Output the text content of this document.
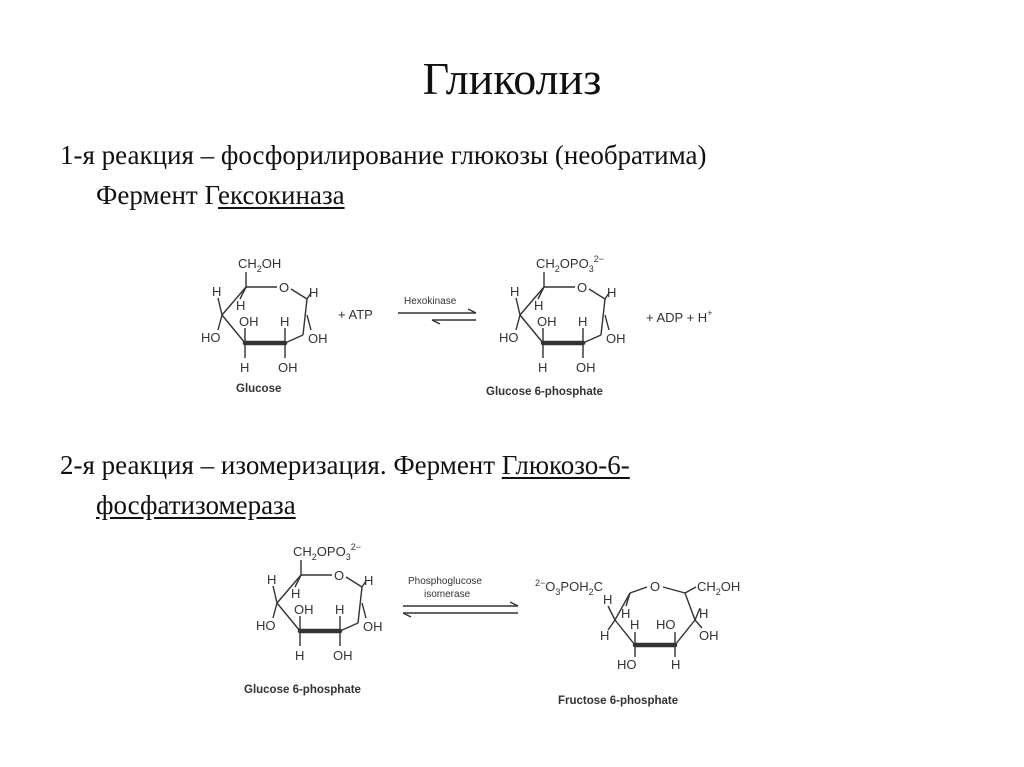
Гликолиз
1-я реакция – фосфорилирование глюкозы (необратима)
Фермент Гексокиназа
2-я реакция – изомеризация. Фермент Глюкозо-6-
фосфатизомераза
$CH_2OH$
O
H
H
OH
H
HO
OH
H
H
OH
Glucose
+ ATP
Hexokinase
$CH_2OPO_3^{2-}$
O
H
H
OH
H
HO
OH
H
H
OH
Glucose 6-phosphate
+ ADP + H+
$CH_2OPO_3^{2-}$
O
H
H
OH
H
HO
OH
H
H
OH
Glucose 6-phosphate
Phosphoglucose
isomerase
$^{2-}O_3POH_2C$	O	$CH_2OH$
H
H
H
H
HO
HO
H
OH
H
Fructose 6-phosphate
